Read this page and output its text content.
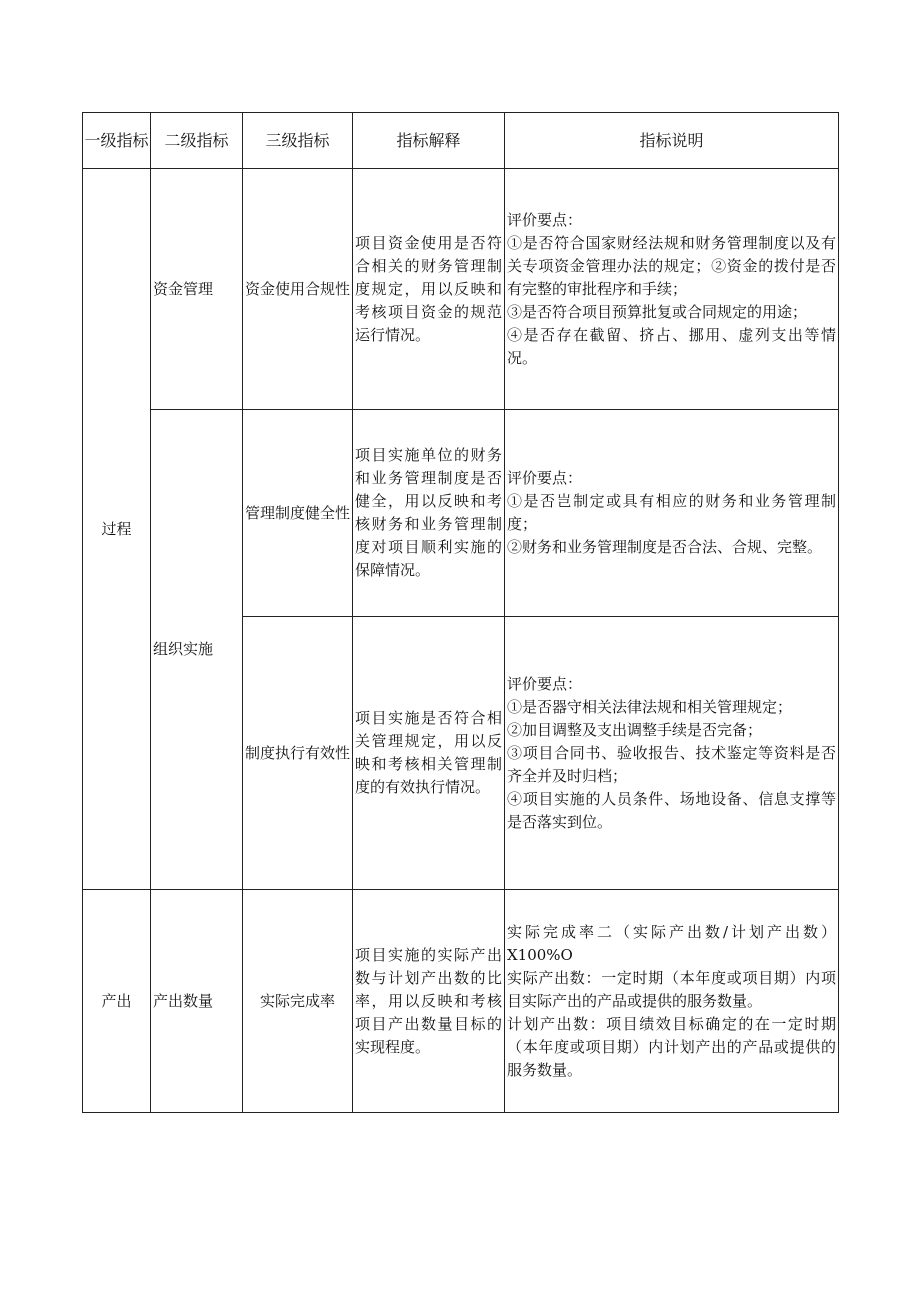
一级指标	二级指标	三级指标	指标解释	指标说明
过程	资金管理	资金使用合规性	项目资金使用是否符合相关的财务管理制度规定，用以反映和考核项目资金的规范运行情况。	评价要点：
①是否符合国家财经法规和财务管理制度以及有关专项资金管理办法的规定；②资金的拨付是否有完整的审批程序和手续；
③是否符合项目预算批复或合同规定的用途；
④是否存在截留、挤占、挪用、虚列支出等情况。

	组织实施	管理制度健全性	项目实施单位的财务和业务管理制度是否健全，用以反映和考核财务和业务管理制度对项目顺利实施的保障情况。	评价要点：
①是否岂制定或具有相应的财务和业务管理制度；
②财务和业务管理制度是否合法、合规、完整。

		制度执行有效性	项目实施是否符合相关管理规定，用以反映和考核相关管理制度的有效执行情况。	评价要点：
①是否器守相关法律法规和相关管理规定；
②加目调整及支出调整手续是否完备；
③项目合同书、验收报告、技术鉴定等资料是否齐全并及时归档；
④项目实施的人员条件、场地设备、信息支撑等是否落实到位。

产出	产出数量	实际完成率	项目实施的实际产出数与计划产出数的比率，用以反映和考核项目产出数量目标的实现程度。	实际完成率二（实际产出数/计划产出数）X100%O
实际产出数：一定时期（本年度或项目期）内项目实际产出的产品或提供的服务数量。
计划产出数：项目绩效目标确定的在一定时期（本年度或项目期）内计划产出的产品或提供的服务数量。
